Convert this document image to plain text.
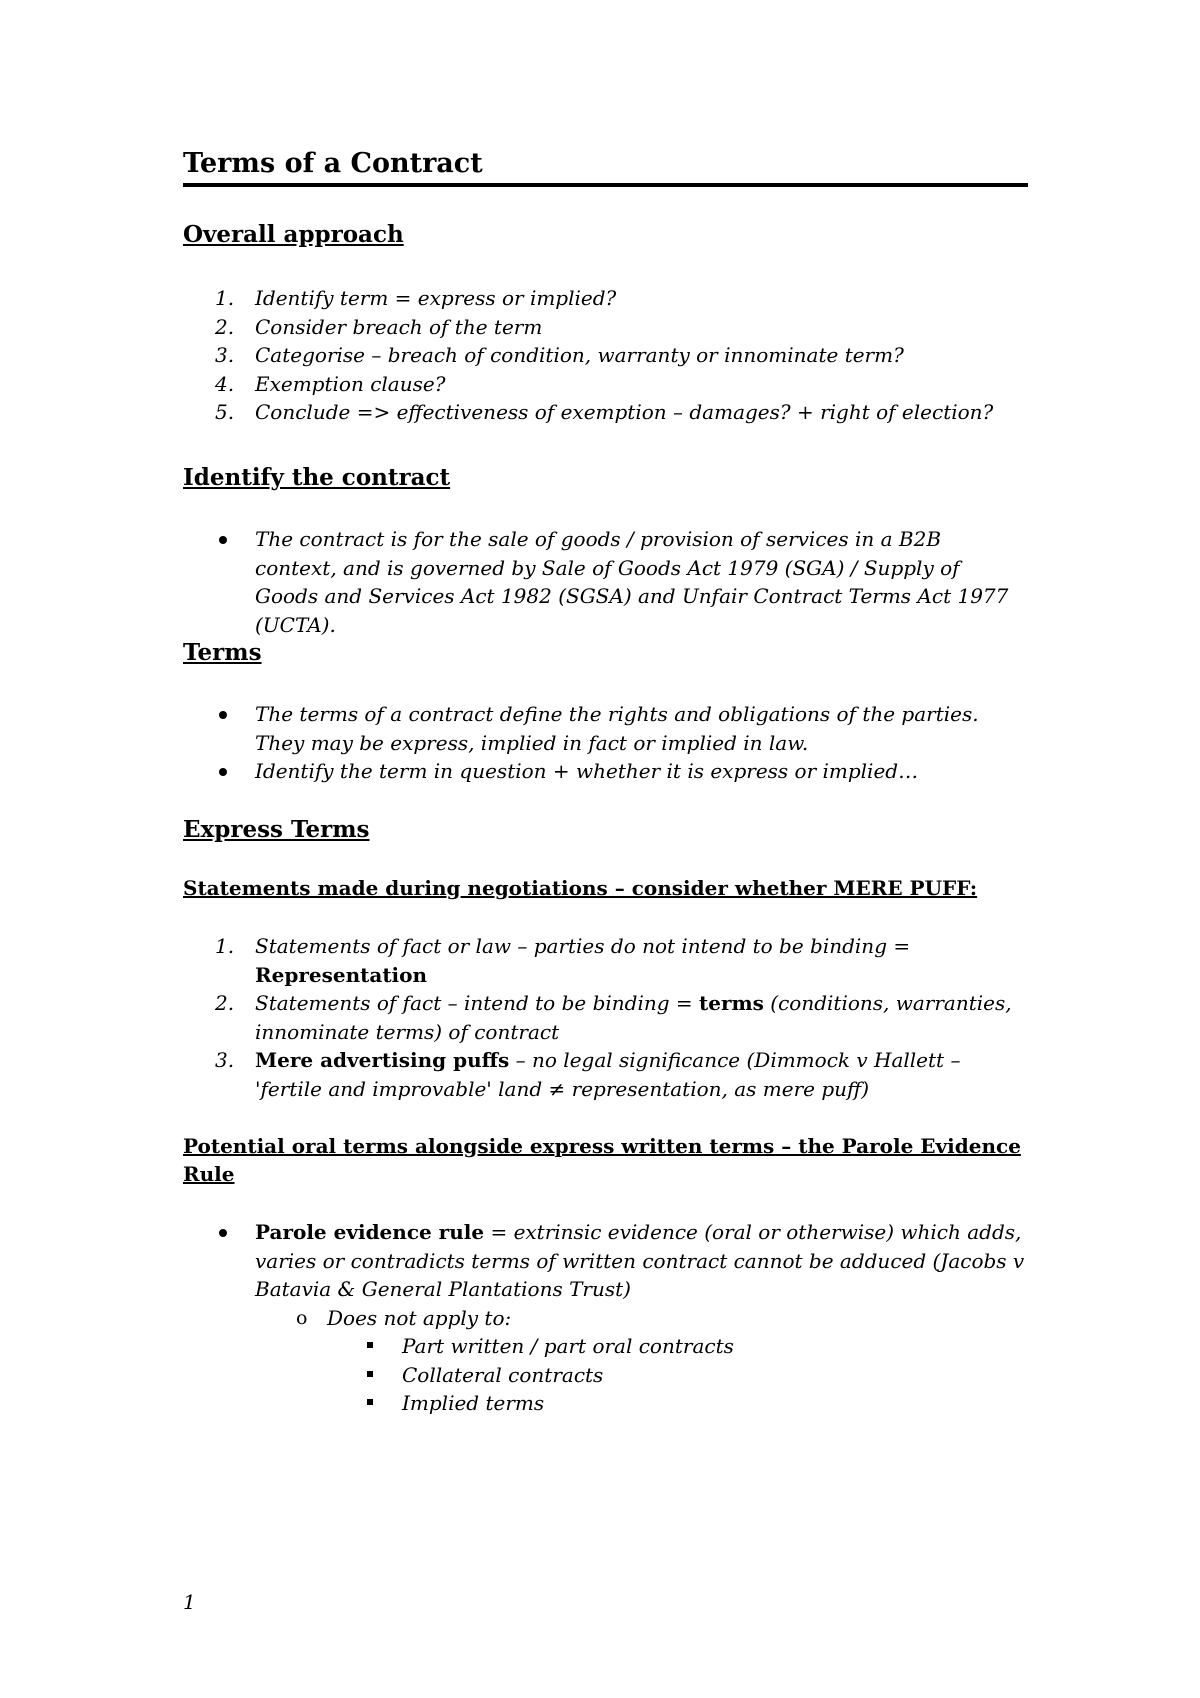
Terms of a Contract
Overall approach
1.	Identify term = express or implied?
2.	Consider breach of the term
3.	Categorise – breach of condition, warranty or innominate term?
4.	Exemption clause?
5.	Conclude => effectiveness of exemption – damages? + right of election?
Identify the contract
The contract is for the sale of goods / provision of services in a B2B context, and is governed by Sale of Goods Act 1979 (SGA) / Supply of Goods and Services Act 1982 (SGSA) and Unfair Contract Terms Act 1977 (UCTA).
Terms
The terms of a contract define the rights and obligations of the parties. They may be express, implied in fact or implied in law.
Identify the term in question + whether it is express or implied…
Express Terms
Statements made during negotiations – consider whether MERE PUFF:
1.	Statements of fact or law – parties do not intend to be binding = Representation
2.	Statements of fact – intend to be binding = terms (conditions, warranties, innominate terms) of contract
3.	Mere advertising puffs – no legal significance (Dimmock v Hallett – 'fertile and improvable' land ≠ representation, as mere puff)
Potential oral terms alongside express written terms – the Parole Evidence Rule
Parole evidence rule = extrinsic evidence (oral or otherwise) which adds, varies or contradicts terms of written contract cannot be adduced (Jacobs v Batavia & General Plantations Trust)
o Does not apply to:
Part written / part oral contracts
Collateral contracts
Implied terms
1
